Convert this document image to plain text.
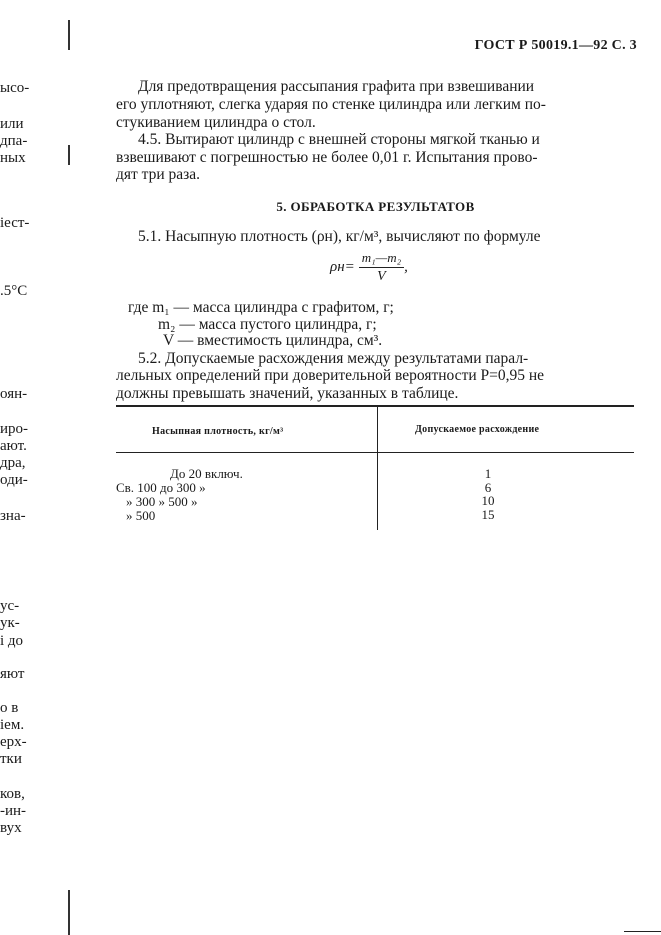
ысо-
или
дпа-
ных
іест-
.5°C
оян-
иро-
ают.
дра,
оди-
зна-
ус-
ук-
і до
яют
о в
іем.
ерх-
тки
ков,
-ин-
вух
ГОСТ Р 50019.1—92 С. 3
Для предотвращения рассыпания графита при взвешивании
его уплотняют, слегка ударяя по стенке цилиндра или легким по-
стукиванием цилиндра о стол.
4.5. Вытирают цилиндр с внешней стороны мягкой тканью и
взвешивают с погрешностью не более 0,01 г. Испытания прово-
дят три раза.
5. ОБРАБОТКА РЕЗУЛЬТАТОВ
5.1. Насыпную плотность (ρн), кг/м³, вычисляют по формуле
$\rho н= \frac{\text{m₁—m₂}}{V}$ ,
где m₁ — масса цилиндра с графитом, г;
m₂ — масса пустого цилиндра, г;
V — вместимость цилиндра, см³.
5.2. Допускаемые расхождения между результатами парал-
лельных определений при доверительной вероятности P=0,95 не
должны превышать значений, указанных в таблице.
Насыпная плотность, кг/м³	Допускаемое расхождение
До 20 включ.	1
Св. 100 до 300 »	6
» 300 » 500 »	10
» 500	15
